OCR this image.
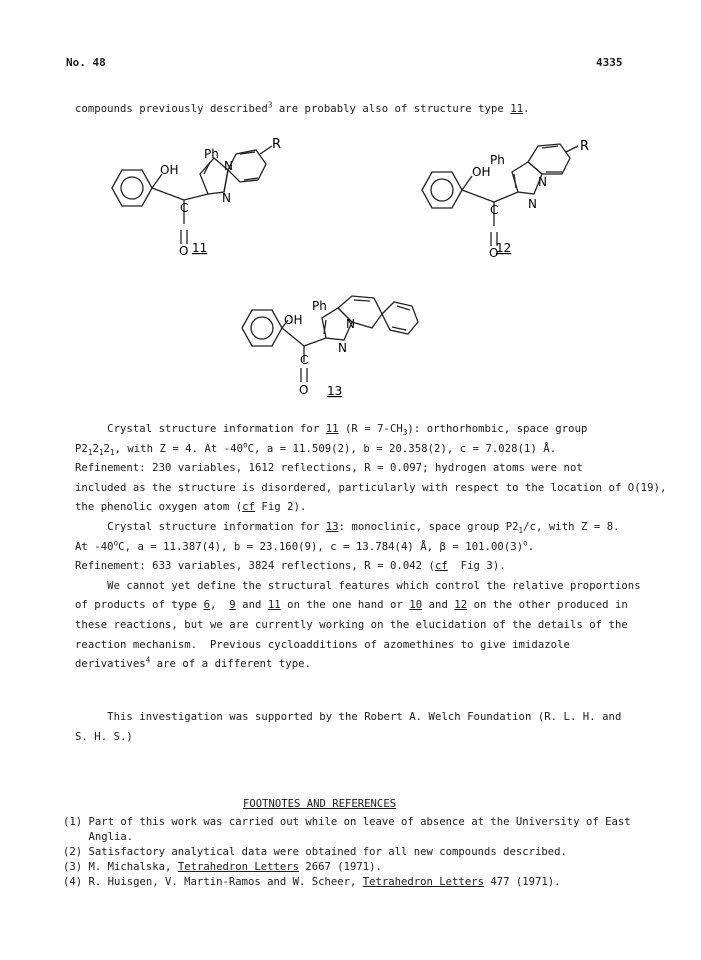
No. 48	4335
compounds previously described$^3$ are probably also of structure type 11.
OH
Ph
N
N
R
C
O 11
OH
Ph
N
N
R
C
O
12
OH
Ph
N
N
C
O 13
Crystal structure information for 11 $(R = 7-CH_3)$: orthorhombic, space group
$P2_12_12_1$, with Z = 4. At -40$^o$C, a = 11.509(2), b = 20.358(2), c = 7.028(1) Å.
Refinement: 230 variables, 1612 reflections, R = 0.097; hydrogen atoms were not
included as the structure is disordered, particularly with respect to the location of O(19),
the phenolic oxygen atom (cf Fig 2).
Crystal structure information for 13: monoclinic, space group $P2_1/c$, with Z = 8.
At -40$^o$C, a = 11.387(4), b = 23.160(9), c = 13.784(4) Å, $\beta = 101.00(3)^o$.
Refinement: 633 variables, 3824 reflections, R = 0.042 (cf  Fig 3).
We cannot yet define the structural features which control the relative proportions
of products of type 6,  9 and 11 on the one hand or 10 and 12 on the other produced in
these reactions, but we are currently working on the elucidation of the details of the
reaction mechanism.  Previous cycloadditions of azomethines to give imidazole
derivatives$^4$ are of a different type.
This investigation was supported by the Robert A. Welch Foundation (R. L. H. and
S. H. S.)
FOOTNOTES AND REFERENCES
(1) Part of this work was carried out while on leave of absence at the University of East
Anglia.
(2) Satisfactory analytical data were obtained for all new compounds described.
(3) M. Michalska, Tetrahedron Letters 2667 (1971).
(4) R. Huisgen, V. Martin-Ramos and W. Scheer, Tetrahedron Letters 477 (1971).
